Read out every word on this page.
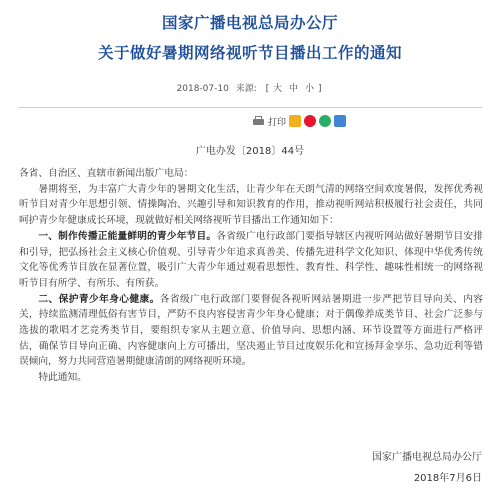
国家广播电视总局办公厅
关于做好暑期网络视听节目播出工作的通知
2018-07-10 来源: [ 大 中 小 ]
打印
广电办发〔2018〕44号

各省、自治区、直辖市新闻出版广电局：

暑期将至，为丰富广大青少年的暑期文化生活，让青少年在天朗气清的网络空间欢度暑假，发挥优秀视听节目对青少年思想引领、情操陶冶、兴趣引导和知识教育的作用，推动视听网站积极履行社会责任，共同呵护青少年健康成长环境，现就做好相关网络视听节目播出工作通知如下：

一、制作传播正能量鲜明的青少年节目。各省级广电行政部门要指导辖区内视听网站做好暑期节目安排和引导，把弘扬社会主义核心价值观、引导青少年追求真善美、传播先进科学文化知识、体现中华优秀传统文化等优秀节目放在显著位置，吸引广大青少年通过观看思想性、教育性、科学性、趣味性相统一的网络视听节目有所学、有所乐、有所获。

二、保护青少年身心健康。各省级广电行政部门要督促各视听网站暑期进一步严把节目导向关、内容关，持续监测清理低俗有害节目，严防不良内容侵害青少年身心健康；对于偶像养成类节目、社会广泛参与选拔的歌唱才艺竞秀类节目，要组织专家从主题立意、价值导向、思想内涵、环节设置等方面进行严格评估，确保节目导向正确、内容健康向上方可播出，坚决遏止节目过度娱乐化和宣扬拜金享乐、急功近利等错误倾向，努力共同营造暑期健康清朗的网络视听环境。

特此通知。

国家广播电视总局办公厅
2018年7月6日
